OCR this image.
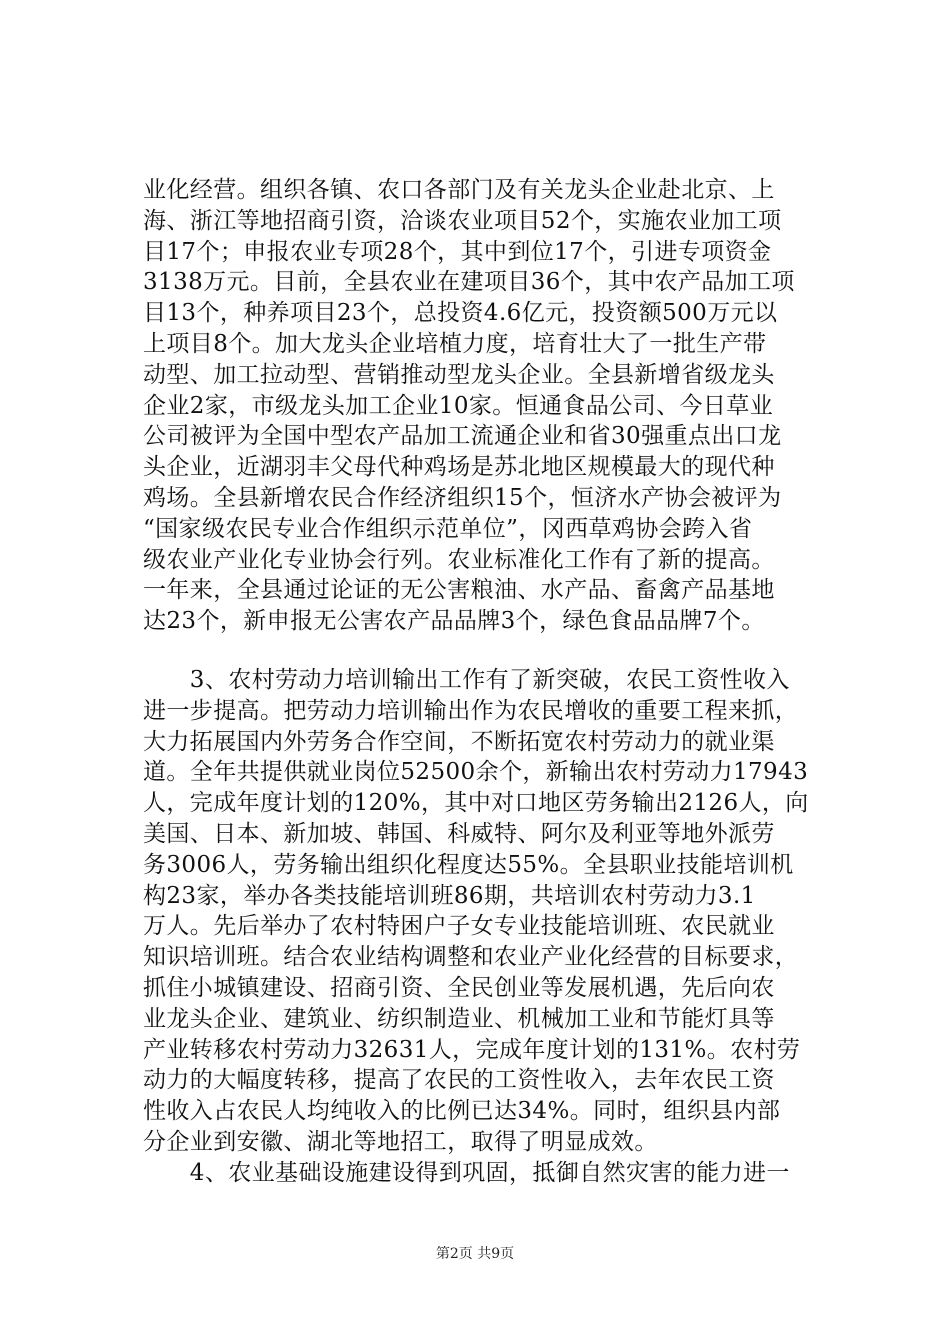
业化经营。组织各镇、农口各部门及有关龙头企业赴北京、上
海、浙江等地招商引资，洽谈农业项目52个，实施农业加工项
目17个；申报农业专项28个，其中到位17个，引进专项资金
3138万元。目前，全县农业在建项目36个，其中农产品加工项
目13个，种养项目23个，总投资4.6亿元，投资额500万元以
上项目8个。加大龙头企业培植力度，培育壮大了一批生产带
动型、加工拉动型、营销推动型龙头企业。全县新增省级龙头
企业2家，市级龙头加工企业10家。恒通食品公司、今日草业
公司被评为全国中型农产品加工流通企业和省30强重点出口龙
头企业，近湖羽丰父母代种鸡场是苏北地区规模最大的现代种
鸡场。全县新增农民合作经济组织15个，恒济水产协会被评为
“国家级农民专业合作组织示范单位”，冈西草鸡协会跨入省
级农业产业化专业协会行列。农业标准化工作有了新的提高。
一年来，全县通过论证的无公害粮油、水产品、畜禽产品基地
达23个，新申报无公害农产品品牌3个，绿色食品品牌7个。
　　3、农村劳动力培训输出工作有了新突破，农民工资性收入
进一步提高。把劳动力培训输出作为农民增收的重要工程来抓，
大力拓展国内外劳务合作空间，不断拓宽农村劳动力的就业渠
道。全年共提供就业岗位52500余个，新输出农村劳动力17943
人，完成年度计划的120%，其中对口地区劳务输出2126人，向
美国、日本、新加坡、韩国、科威特、阿尔及利亚等地外派劳
务3006人，劳务输出组织化程度达55%。全县职业技能培训机
构23家，举办各类技能培训班86期，共培训农村劳动力3.1
万人。先后举办了农村特困户子女专业技能培训班、农民就业
知识培训班。结合农业结构调整和农业产业化经营的目标要求，
抓住小城镇建设、招商引资、全民创业等发展机遇，先后向农
业龙头企业、建筑业、纺织制造业、机械加工业和节能灯具等
产业转移农村劳动力32631人，完成年度计划的131%。农村劳
动力的大幅度转移，提高了农民的工资性收入，去年农民工资
性收入占农民人均纯收入的比例已达34%。同时，组织县内部
分企业到安徽、湖北等地招工，取得了明显成效。
　　4、农业基础设施建设得到巩固，抵御自然灾害的能力进一
第2页 共9页
